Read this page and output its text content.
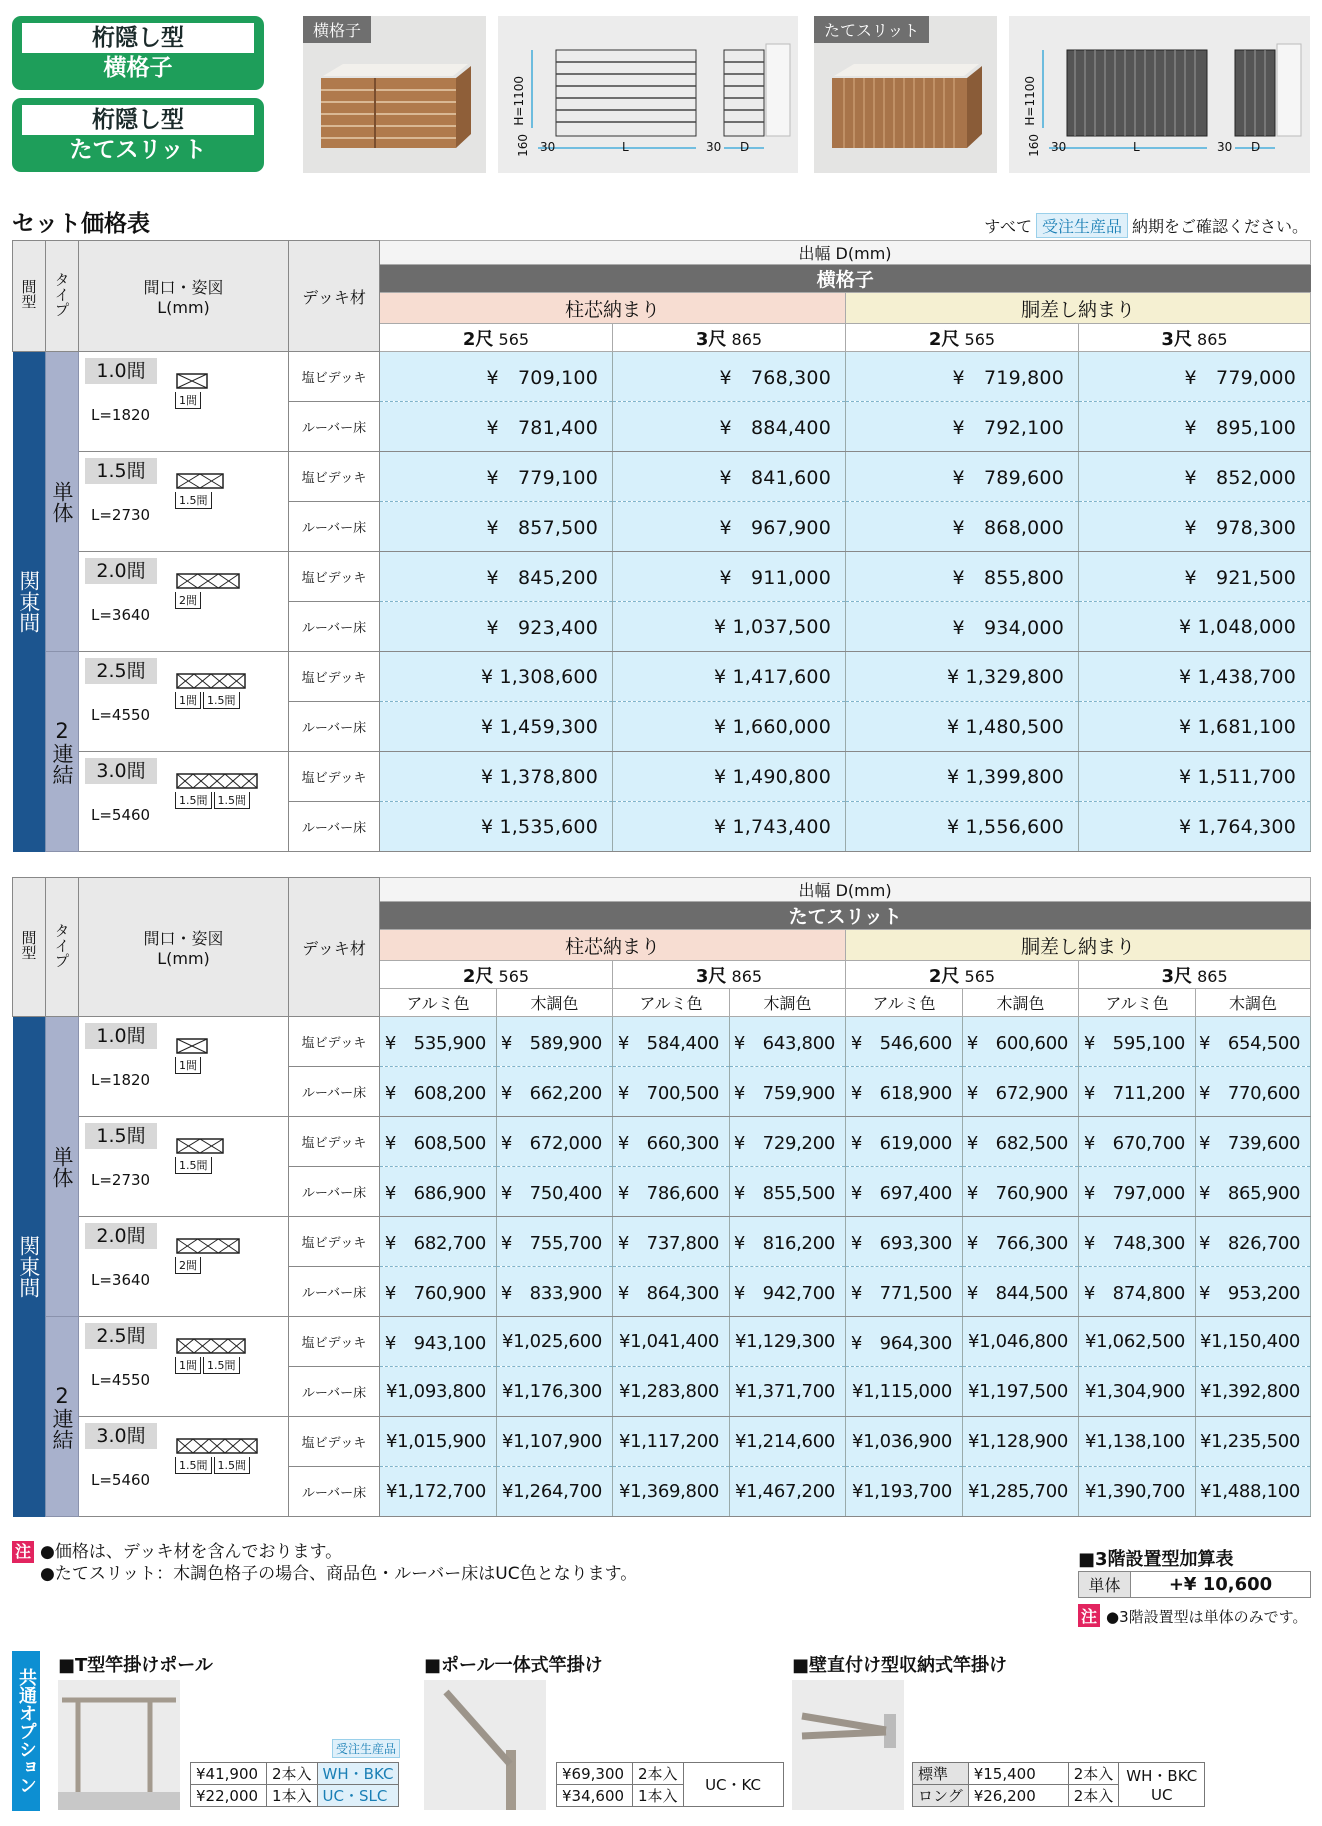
桁隠し型
横格子
桁隠し型
たてスリット
横格子
H=1100
160 30	L	30 D
たてスリット
H=1100
160 30	L	30 D
セット価格表	すべて 受注生産品 納期をご確認ください。
間型	タイプ	間口・姿図
L(mm)	デッキ材	出幅 D(mm)			
				横格子			
				柱芯納まり		胴差し納まり	
				2尺 565	3尺 865	2尺 565	3尺 865
関東間	単体	1.0間
L=1820
1間	塩ビデッキ	¥　709,100	¥　768,300	¥　719,800	¥　779,000
			ルーバー床	¥　781,400	¥　884,400	¥　792,100	¥　895,100

		1.5間
L=2730
1.5間	塩ビデッキ	¥　779,100	¥　841,600	¥　789,600	¥　852,000
			ルーバー床	¥　857,500	¥　967,900	¥　868,000	¥　978,300

		2.0間
L=3640
2間	塩ビデッキ	¥　845,200	¥　911,000	¥　855,800	¥　921,500
			ルーバー床	¥　923,400	¥ 1,037,500	¥　934,000	¥ 1,048,000
	2連結	2.5間
L=4550
1間 1.5間	塩ビデッキ	¥ 1,308,600	¥ 1,417,600	¥ 1,329,800	¥ 1,438,700
			ルーバー床	¥ 1,459,300	¥ 1,660,000	¥ 1,480,500	¥ 1,681,100

		3.0間
L=5460
1.5間 1.5間	塩ビデッキ	¥ 1,378,800	¥ 1,490,800	¥ 1,399,800	¥ 1,511,700
			ルーバー床	¥ 1,535,600	¥ 1,743,400	¥ 1,556,600	¥ 1,764,300
間型	タイプ	間口・姿図
L(mm)	デッキ材	出幅 D(mm)							
				たてスリット							
				柱芯納まり				胴差し納まり			
				2尺 565		3尺 865		2尺 565		3尺 865	
				アルミ色	木調色	アルミ色	木調色	アルミ色	木調色	アルミ色	木調色
関東間	単体	1.0間
L=1820
1間	塩ビデッキ	¥　535,900	¥　589,900	¥　584,400	¥　643,800	¥　546,600	¥　600,600	¥　595,100	¥　654,500
			ルーバー床	¥　608,200	¥　662,200	¥　700,500	¥　759,900	¥　618,900	¥　672,900	¥　711,200	¥　770,600

		1.5間
L=2730
1.5間	塩ビデッキ	¥　608,500	¥　672,000	¥　660,300	¥　729,200	¥　619,000	¥　682,500	¥　670,700	¥　739,600
			ルーバー床	¥　686,900	¥　750,400	¥　786,600	¥　855,500	¥　697,400	¥　760,900	¥　797,000	¥　865,900

		2.0間
L=3640
2間	塩ビデッキ	¥　682,700	¥　755,700	¥　737,800	¥　816,200	¥　693,300	¥　766,300	¥　748,300	¥　826,700
			ルーバー床	¥　760,900	¥　833,900	¥　864,300	¥　942,700	¥　771,500	¥　844,500	¥　874,800	¥　953,200
	2連結	2.5間
L=4550
1間 1.5間	塩ビデッキ	¥　943,100	¥1,025,600	¥1,041,400	¥1,129,300	¥　964,300	¥1,046,800	¥1,062,500	¥1,150,400
			ルーバー床	¥1,093,800	¥1,176,300	¥1,283,800	¥1,371,700	¥1,115,000	¥1,197,500	¥1,304,900	¥1,392,800

		3.0間
L=5460
1.5間 1.5間	塩ビデッキ	¥1,015,900	¥1,107,900	¥1,117,200	¥1,214,600	¥1,036,900	¥1,128,900	¥1,138,100	¥1,235,500
			ルーバー床	¥1,172,700	¥1,264,700	¥1,369,800	¥1,467,200	¥1,193,700	¥1,285,700	¥1,390,700	¥1,488,100
注 ●価格は、デッキ材を含んでおります。
●たてスリット：木調色格子の場合、商品色・ルーバー床はUC色となります。
■3階設置型加算表
単体	+¥ 10,600
注 ●3階設置型は単体のみです。
共通オプション
■T型竿掛けポール
受注生産品
¥41,900	2本入	WH・BKC
¥22,000	1本入	UC・SLC
■ポール一体式竿掛け
¥69,300	2本入	UC・KC
¥34,600	1本入	
■壁直付け型収納式竿掛け
標準	¥15,400	2本入	WH・BKC
UC

ロング	¥26,200	2本入	
